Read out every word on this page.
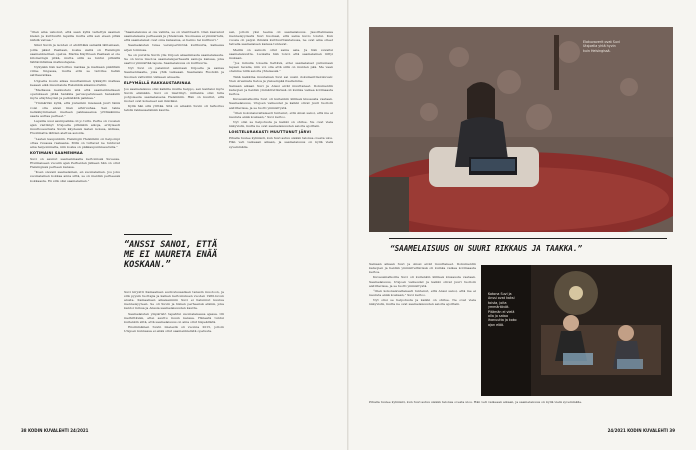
“Olen aina uskonut, että saan kyllä valtettyä saamen kielen ja kulttuurin lapsille mutta että sen eteen pitää nähdä vaivaa.”

Sikst Suvin ja isoiden ol ehdittäkä samallä lähtemaan, joilla pääst Pasilaan, koska siellä on Helsingin saamenkielinen opetus. Marka Käyttöeen Pasilaan ei ole kilometrejä pitkä, mutta siitä se tuntui pitkältä tähtävintäinsa matkustajana.

Nykyään hän kertoittuu matkaa ja matkaan päätitäin viime tingassa, mutta että se tarvitse hetän satttaavatkaa.

Unjoella koulu alkaa muuttaminen lykkäytti matkaa kesaan eikä muunlaista Helsinkiä aikamuoristiin.

“Mediassa keskustelu sitä että saamenkieliseen opetukseen pitää hankkia perusopetukseen hanaksiin myös etäyhteyden ja pelkistäitä paikkaa.”

“Ymmärrän kyllä, että joidenkin mielessä juuri tämä voisi olla aivan liian arkiruuhaa. Sen takia nelisäkymmenen meiteen pakkaseensa yrittäsämme saada auttaa perheet.”

Lapsille uusi asuinpaikka oli jo tuttu. Perhe on vuosien ajan viettänyt Utsjoella pitkiäkin aikoja, erityisesti muuttoseudusta Suvin käydessä lasten isoissa, äidissa, Huolimatta lähtien alettua asioida.

“Lasten kaupunkiin. Helsingin Helsinkiin on helpompi ottaa ruuassa raskaana. Mitä on tuttavat ne tuntuvat aina helpommalta, niin koska on pääkaupunkiseudulla.”

KOTIMAINI SAAMENMAA

Suvi on asunut saamenmaalla kertomissä Suvessa. Etulmaiseen vuosiin ajan Perheiden jälkeen hän on ollut Helsingissä perheen kanssa.

“Koen olevani saamelainen, en suomalainen. Jos joku suomalainen kokkaa anna sittä, se on meidän perheessä kokkaasta. En sitä olisi saamelainen.”

“Saamelaisuus ei ole valinta, se on identiteetti. Olen kasvanut saamelaisena perheessä ja yhteisössä. Suomessa ei ymmärretä, että saamelaiset ovat oma kansansa, ei heimo tai kulttuuri.”

Saamelaisten tulee verenperintönä kulttuuria, kaikessa arjen toimissa.

Se on puretta Suvin ylle Unjoen akaemmasta saamelaisesta. Se on kuva muotoa saamelaisperheestä samoja kansaa, joka saattoi ymmärtää lapsia. Saamelaisuus on kulttuuria.

Nyt Suvi on palannut asumaan Unjoelle ja samaa Saamenmaalle, joka yhtä vaikeaan. Saamelais Ruotsiin ja Suomen valtioihin väliseen alueelle.

ELPYMÄLLÄ RAKKAUSTARINAA

Jos saamelaisuus olisi kaikille muille helppo, sen kantaisi myös Suvin elämään. Suvi on miettinyt, millaista olisi tulla pohjoisesta saamelaisena Helsinkiin. Hän on kuullut, että monet ovat kokeneet sen ikäväksi.

Kyllä hän sitä yrittää. Sitä on ainakin Suvin oli tarkoitus tehdä rakkauselämän kautta.

“ANSSI SANOI, ETTÄ ME EI NAURETA ENÄÄ KOSKAAN.”

Suvi kirjoitti Kamaalisen audiovisuaalisen tanssin muotoon, ja sitä pyysin tuottajia ja kaiken kertomuksen vuoden 1960-luvun alusta. Kamaalisen aikaisemmin Suvi ei halunnut kuulua menneisyyteen. Se oli Suvin ja hänen perheensä elämä, joka kantoi minua ja Anssia saamelaisuuden kautta.

Saamelaisten ympäristö tapahtui suomalaisessa ajassa. Oli merkittävää, ettei asuttu muun kanssa. Hänestä tuntui kuitenkin siltä, että saamelaisuus on aina ollut häpeällistä.

Ensimmäinen Suvin mielestä oli vuonna 2015, jolloin Utsjoen kunnassa ei enää ollut saamenkielistä opetusta.

sen, jolloin yksi teema oli saamelaisuus. Jasoittelmassa menneisyydestä Suvi huomasi, että sama kuvio toistui. Kun vuosia oli paljon ihmisiä kulttuuritaistelussa, ne ovat aina olleet talvella saamelaisen kanssa tuntevat.

Meillä on samoin ollut sama asia. Ja hän suvaitsi saamelaisuutta. Luokalla hän toivoi että saamelainen liittyi mukaan.

“Jos minulla toisella tiettävä, ettei saamelaiset puhumaan lapsen tavalle, niin voi olla että siitä on muiden pää. Me vaan otamme niitä asioita yhteisessä.”

Tänä kaikkina muutaman Suvi sai uusin dokumenttielokuvan: Vien Aresmata tietoa ja yleisempää itsellemme.

Samaan aikaan Suvi ja Anssi eivät muuttaneet. Dokumentin katsojien ja heidän ymmärrettävissä oli kuinka vaikea kotimaasta kertoa.

Kuvausmatkoilla Suvi oli kuitenkin kiihkeä kiusausta vastaan. Saamelaisuus, Utsjoen vaikeudet ja kaikki olivat juuri tuolloin aistittavissa, ja se tuotti ymmärrystä.

“Olen kokonaisvaltaisesti tuntenut, että Anssi sanoi, että me ei naureta enää koskaan,” Suvi kertoo.

Nyt olisi se helpotusta ja kaikki on ohitse. Ne ovat viela näkyvistä, mutta ne ovat saamelaisuuden asioita ajoittain.

LOISTELURAKASTI MUUTTUNUT JÄRVI

Pihalla tuulee kylmästi, kun Suvi astuu sisään talonsa ovesta ulos. Hän veti vaikeaan aikaan, ja saamelaisuus on kyllä vielä syvemmälle.

Elokuvaverit ovat Suvi Utsjoella yhtä hyvin kuin Helsingissä.
“SAAMELAISUUS ON SUURI RIKKAUS JA TAAKKA.”

Samaan aikaan Suvi ja Anssi eivät muuttaneet. Dokumentin katsojien ja heidän ymmärrettävissä oli kuinka vaikea kotimaasta kertoa.

Kuvausmatkoilla Suvi oli kuitenkin kiihkeä kiusausta vastaan. Saamelaisuus, Utsjoen vaikeudet ja kaikki olivat juuri tuolloin aistittavissa, ja se tuotti ymmärrystä.

“Olen kokonaisvaltaisesti tuntenut, että Anssi sanoi, että me ei naureta enää koskaan,” Suvi kertoo.

Nyt olisi se helpotusta ja kaikki on ohitse. Ne ovat viela näkyvistä, mutta ne ovat saamelaisuuden asioita ajoittain.

Kotona Suvi ja Anssi ovat kaksi toista, joita ymmärtävät. Pitämän ei vielä olla jo sataa ihanuutta ja koko ajan elää.

Pihalla tuulee kylmästi, kun Suvi astuu sisään talonsa ovesta ulos. Hän veti vaikeaan aikaan, ja saamelaisuus on kyllä vielä syvemmälle.

38 KODIN KUVALEHTI 24/2021	24/2021 KODIN KUVALEHTI 39
